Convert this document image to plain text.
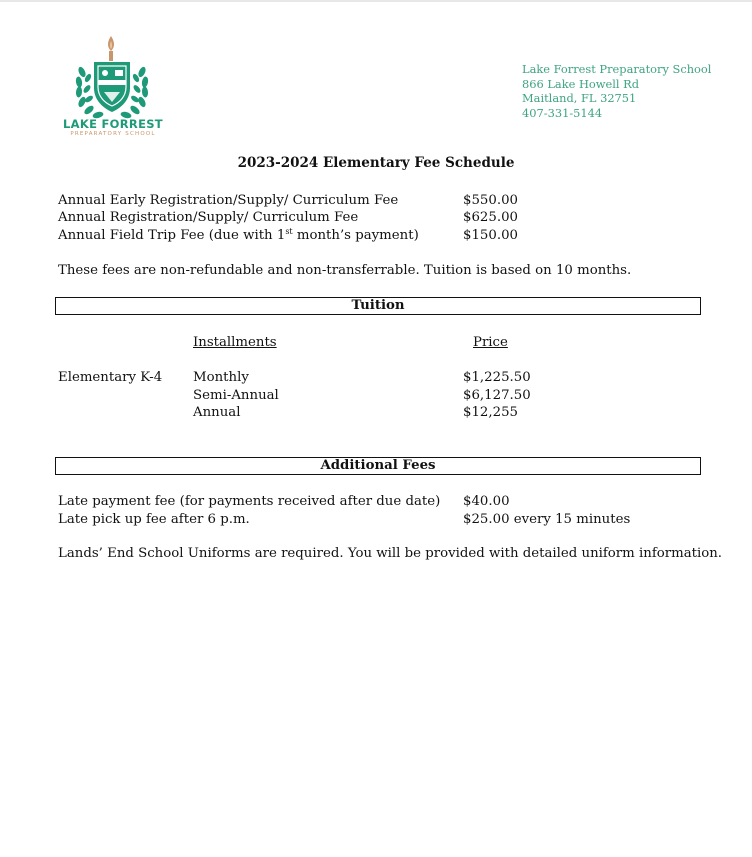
LAKE FORREST
PREPARATORY SCHOOL
Lake Forrest Preparatory School
866 Lake Howell Rd
Maitland, FL 32751
407-331-5144
2023-2024 Elementary Fee Schedule
Annual Early Registration/Supply/ Curriculum Fee	$550.00
Annual Registration/Supply/ Curriculum Fee	$625.00
Annual Field Trip Fee (due with 1st month’s payment)	$150.00
These fees are non-refundable and non-transferrable. Tuition is based on 10 months.
Tuition
Installments	Price
Elementary K-4 Monthly	$1,225.50
Semi-Annual	$6,127.50
Annual	$12,255
Additional Fees
Late payment fee (for payments received after due date) $40.00
Late pick up fee after 6 p.m.	$25.00 every 15 minutes
Lands’ End School Uniforms are required. You will be provided with detailed uniform information.
